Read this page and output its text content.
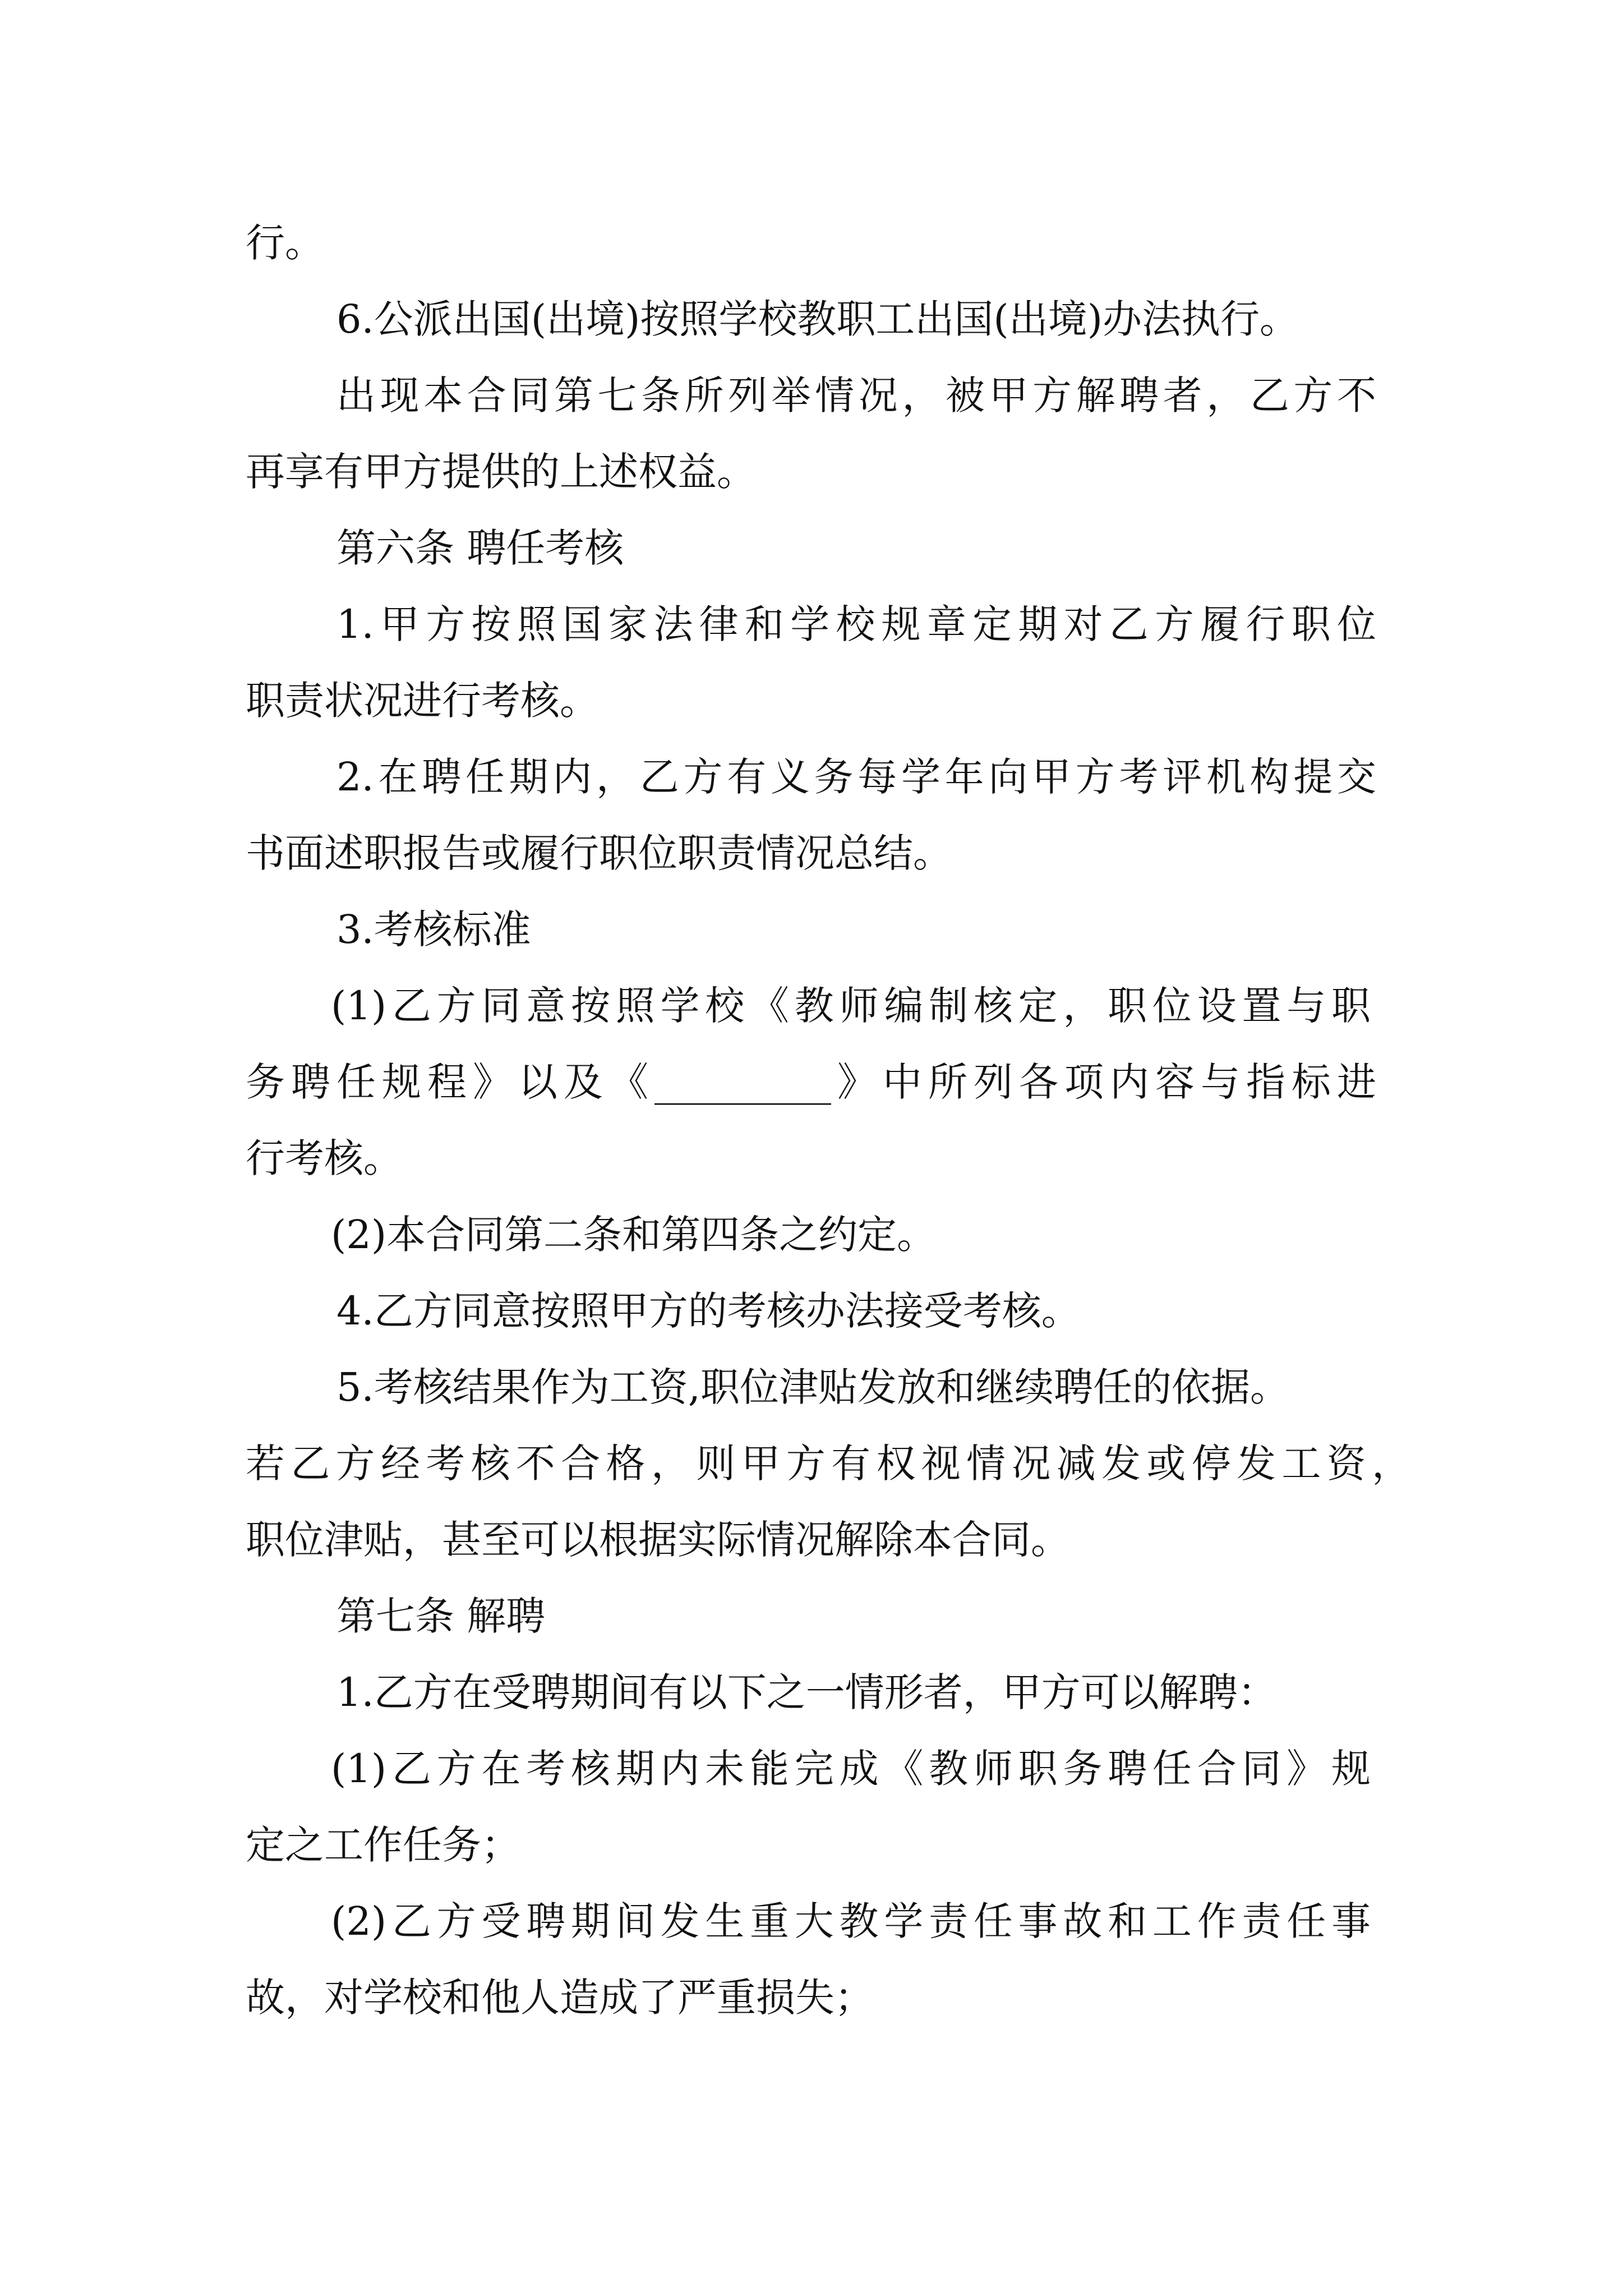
行。
6.公派出国(出境)按照学校教职工出国(出境)办法执行。
出现本合同第七条所列举情况，被甲方解聘者，乙方不
再享有甲方提供的上述权益。
第六条 聘任考核
1.甲方按照国家法律和学校规章定期对乙方履行职位
职责状况进行考核。
2.在聘任期内，乙方有义务每学年向甲方考评机构提交
书面述职报告或履行职位职责情况总结。
3.考核标准
(1)乙方同意按照学校《教师编制核定，职位设置与职
务聘任规程》以及《_________》中所列各项内容与指标进
行考核。
(2)本合同第二条和第四条之约定。
4.乙方同意按照甲方的考核办法接受考核。
5.考核结果作为工资,职位津贴发放和继续聘任的依据。
若乙方经考核不合格，则甲方有权视情况减发或停发工资，
职位津贴，甚至可以根据实际情况解除本合同。
第七条 解聘
1.乙方在受聘期间有以下之一情形者，甲方可以解聘：
(1)乙方在考核期内未能完成《教师职务聘任合同》规
定之工作任务；
(2)乙方受聘期间发生重大教学责任事故和工作责任事
故，对学校和他人造成了严重损失；
